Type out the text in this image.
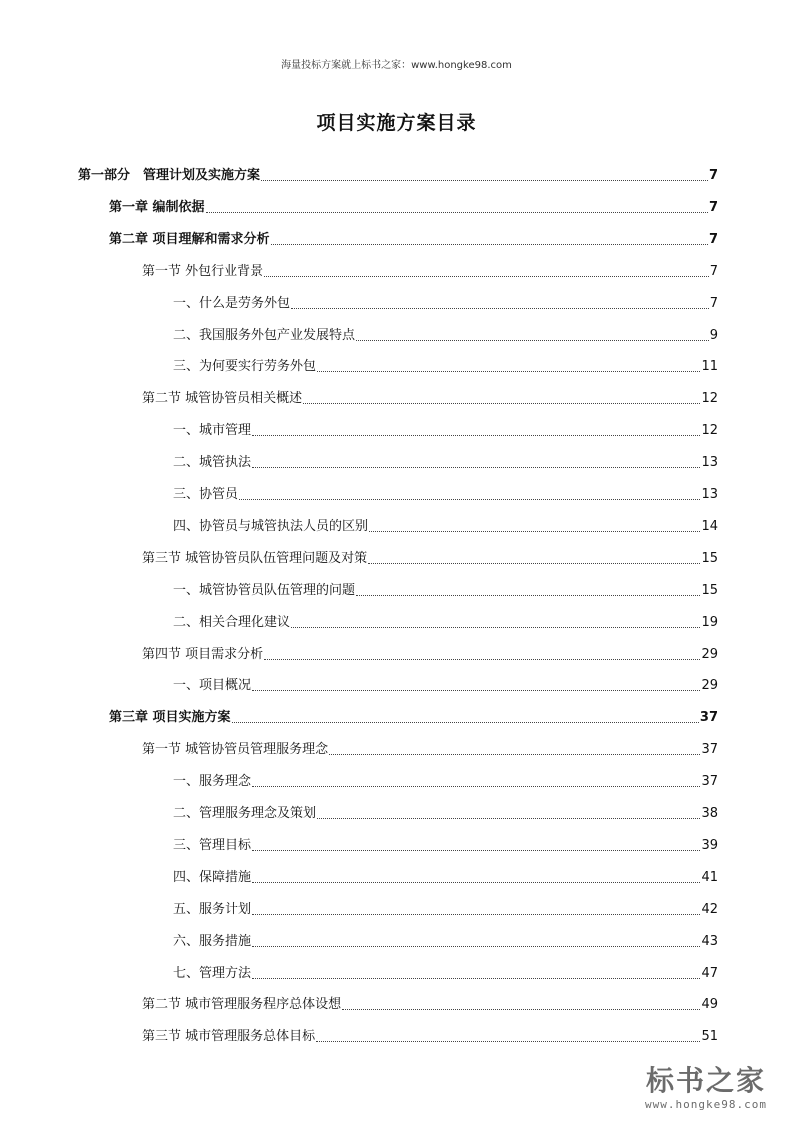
海量投标方案就上标书之家：www.hongke98.com
项目实施方案目录
第一部分　管理计划及实施方案	7
第一章 编制依据	7
第二章 项目理解和需求分析	7
第一节 外包行业背景	7
一、什么是劳务外包	7
二、我国服务外包产业发展特点	9
三、为何要实行劳务外包	11
第二节 城管协管员相关概述	12
一、城市管理	12
二、城管执法	13
三、协管员	13
四、协管员与城管执法人员的区别	14
第三节 城管协管员队伍管理问题及对策	15
一、城管协管员队伍管理的问题	15
二、相关合理化建议	19
第四节 项目需求分析	29
一、项目概况	29
第三章 项目实施方案	37
第一节 城管协管员管理服务理念	37
一、服务理念	37
二、管理服务理念及策划	38
三、管理目标	39
四、保障措施	41
五、服务计划	42
六、服务措施	43
七、管理方法	47
第二节 城市管理服务程序总体设想	49
第三节 城市管理服务总体目标	51
标书之家
www.hongke98.com
